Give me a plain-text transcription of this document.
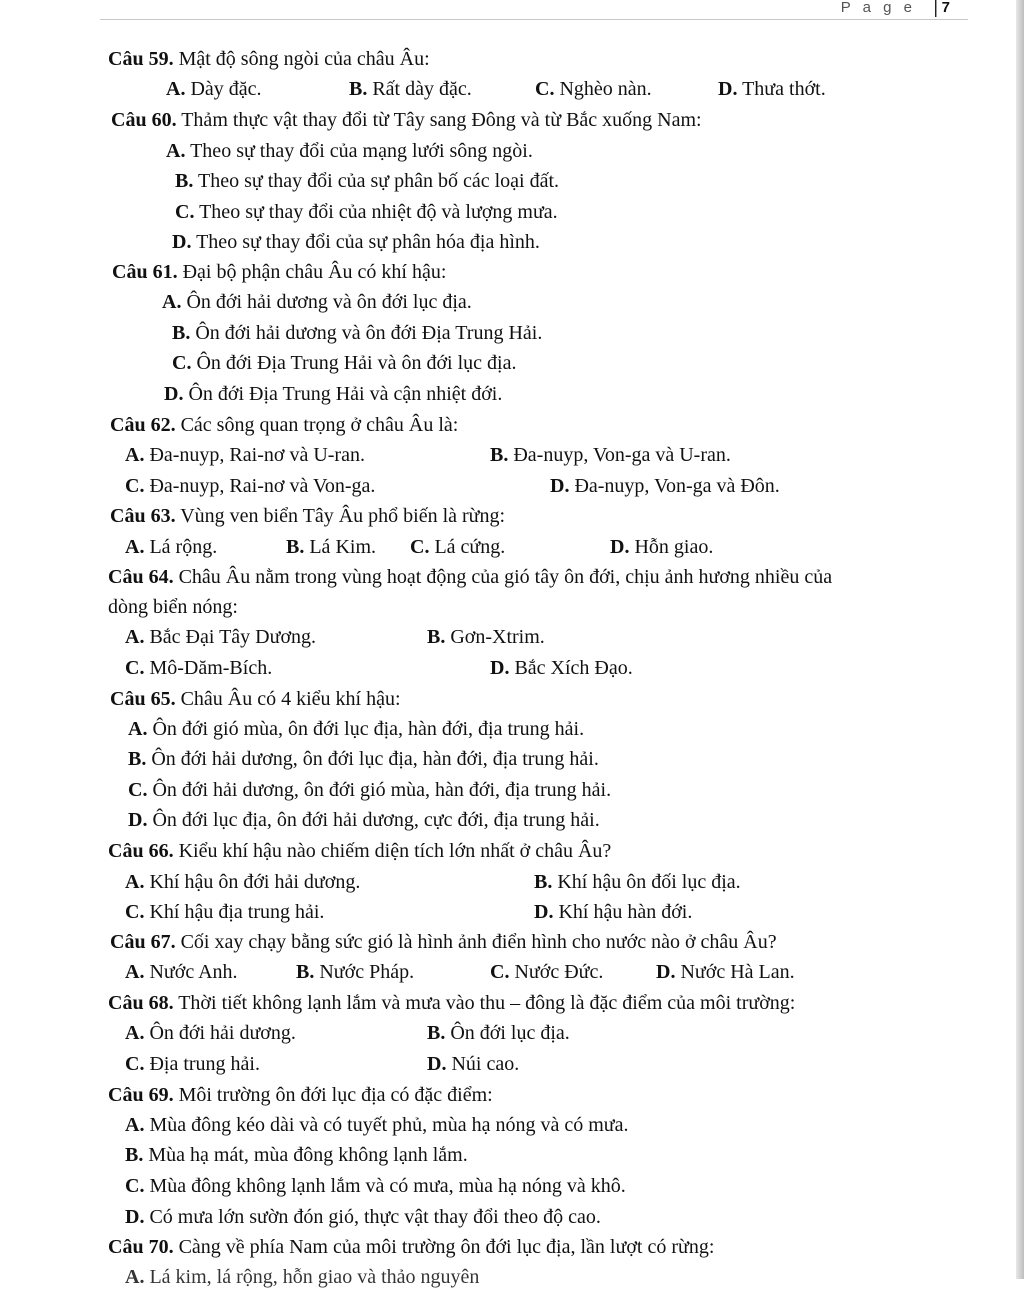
P a g e | 7
Câu 59. Mật độ sông ngòi của châu Âu:
A. Dày đặc.	B. Rất dày đặc.	C. Nghèo nàn.	D. Thưa thớt.
Câu 60. Thảm thực vật thay đổi từ Tây sang Đông và từ Bắc xuống Nam:
A. Theo sự thay đổi của mạng lưới sông ngòi.
B. Theo sự thay đổi của sự phân bố các loại đất.
C. Theo sự thay đổi của nhiệt độ và lượng mưa.
D. Theo sự thay đổi của sự phân hóa địa hình.
Câu 61. Đại bộ phận châu Âu có khí hậu:
A. Ôn đới hải dương và ôn đới lục địa.
B. Ôn đới hải dương và ôn đới Địa Trung Hải.
C. Ôn đới Địa Trung Hải và ôn đới lục địa.
D. Ôn đới Địa Trung Hải và cận nhiệt đới.
Câu 62. Các sông quan trọng ở châu Âu là:
A. Đa-nuyp, Rai-nơ và U-ran.	B. Đa-nuyp, Von-ga và U-ran.
C. Đa-nuyp, Rai-nơ và Von-ga.	D. Đa-nuyp, Von-ga và Đôn.
Câu 63. Vùng ven biển Tây Âu phổ biến là rừng:
A. Lá rộng.	B. Lá Kim. C. Lá cứng.	D. Hỗn giao.
Câu 64. Châu Âu nằm trong vùng hoạt động của gió tây ôn đới, chịu ảnh hương nhiều của
dòng biển nóng:
A. Bắc Đại Tây Dương.	B. Gơn-Xtrim.
C. Mô-Dăm-Bích.	D. Bắc Xích Đạo.
Câu 65. Châu Âu có 4 kiểu khí hậu:
A. Ôn đới gió mùa, ôn đới lục địa, hàn đới, địa trung hải.
B. Ôn đới hải dương, ôn đới lục địa, hàn đới, địa trung hải.
C. Ôn đới hải dương, ôn đới gió mùa, hàn đới, địa trung hải.
D. Ôn đới lục địa, ôn đới hải dương, cực đới, địa trung hải.
Câu 66. Kiểu khí hậu nào chiếm diện tích lớn nhất ở châu Âu?
A. Khí hậu ôn đới hải dương.	B. Khí hậu ôn đối lục địa.
C. Khí hậu địa trung hải.	D. Khí hậu hàn đới.
Câu 67. Cối xay chạy bằng sức gió là hình ảnh điển hình cho nước nào ở châu Âu?
A. Nước Anh.	B. Nước Pháp.	C. Nước Đức.	D. Nước Hà Lan.
Câu 68. Thời tiết không lạnh lắm và mưa vào thu – đông là đặc điểm của môi trường:
A. Ôn đới hải dương.	B. Ôn đới lục địa.
C. Địa trung hải.	D. Núi cao.
Câu 69. Môi trường ôn đới lục địa có đặc điểm:
A. Mùa đông kéo dài và có tuyết phủ, mùa hạ nóng và có mưa.
B. Mùa hạ mát, mùa đông không lạnh lắm.
C. Mùa đông không lạnh lắm và có mưa, mùa hạ nóng và khô.
D. Có mưa lớn sườn đón gió, thực vật thay đổi theo độ cao.
Câu 70. Càng về phía Nam của môi trường ôn đới lục địa, lần lượt có rừng:
A. Lá kim, lá rộng, hỗn giao và thảo nguyên
